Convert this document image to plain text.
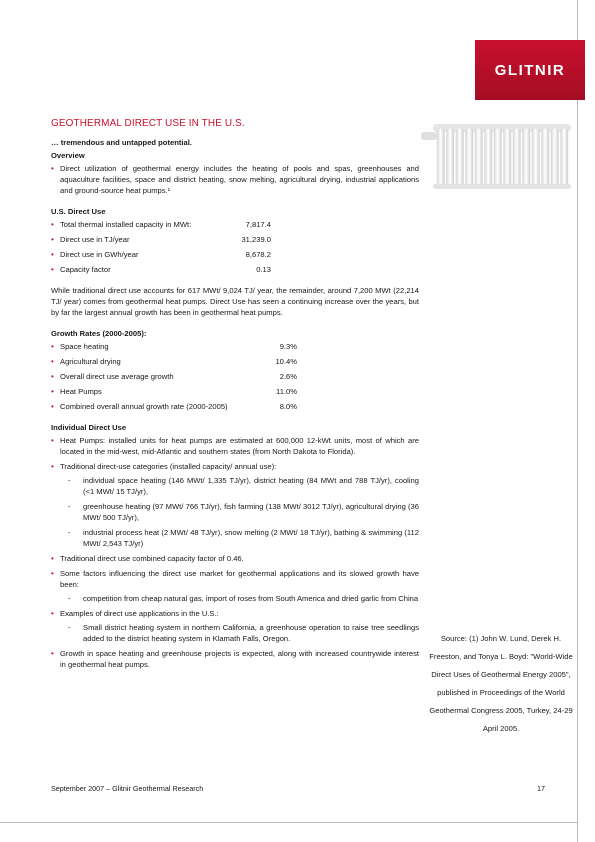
GLITNIR
GEOTHERMAL DIRECT USE IN THE U.S.
… tremendous and untapped potential.
Overview
• Direct utilization of geothermal energy includes the heating of pools and spas, greenhouses and aquaculture facilities, space and district heating, snow melting, agricultural drying, industrial applications and ground-source heat pumps.¹
U.S. Direct Use
• Total thermal installed capacity in MWt:	7,817.4
• Direct use in TJ/year	31,239.0
• Direct use in GWh/year	8,678.2
• Capacity factor	0.13

While traditional direct use accounts for 617 MWt/ 9,024 TJ/ year, the remainder, around 7,200 MWt (22,214 TJ/ year) comes from geothermal heat pumps. Direct Use has seen a continuing increase over the years, but by far the largest annual growth has been in geothermal heat pumps.

Growth Rates (2000-2005):
• Space heating	9.3%
• Agricultural drying	10.4%
• Overall direct use average growth	2.6%
• Heat Pumps	11.0%
• Combined overall annual growth rate (2000-2005)	8.0%
Individual Direct Use
• Heat Pumps: installed units for heat pumps are estimated at 600,000 12-kWt units, most of which are located in the mid-west, mid-Atlantic and southern states (from North Dakota to Florida).
• Traditional direct-use categories (installed capacity/ annual use):
- individual space heating (146 MWt/ 1,335 TJ/yr), district heating (84 MWt and 788 TJ/yr), cooling (<1 MWt/ 15 TJ/yr),
- greenhouse heating (97 MWt/ 766 TJ/yr), fish farming (138 MWt/ 3012 TJ/yr), agricultural drying (36 MWt/ 500 TJ/yr),
- industrial process heat (2 MWt/ 48 TJ/yr), snow melting (2 MWt/ 18 TJ/yr), bathing & swimming (112 MWt/ 2,543 TJ/yr)
• Traditional direct use combined capacity factor of 0.46.
• Some factors influencing the direct use market for geothermal applications and its slowed growth have been:
- competition from cheap natural gas, import of roses from South America and dried garlic from China
• Examples of direct use applications in the U.S.:
- Small district heating system in northern California, a greenhouse operation to raise tree seedlings added to the district heating system in Klamath Falls, Oregon.
• Growth in space heating and greenhouse projects is expected, along with increased countrywide interest in geothermal heat pumps.
Source: (1) John W. Lund, Derek H. Freeston, and Tonya L. Boyd: "World-Wide Direct Uses of Geothermal Energy 2005", published in Proceedings of the World Geothermal Congress 2005, Turkey, 24-29 April 2005.
September 2007 – Glitnir Geothermal Research	17
